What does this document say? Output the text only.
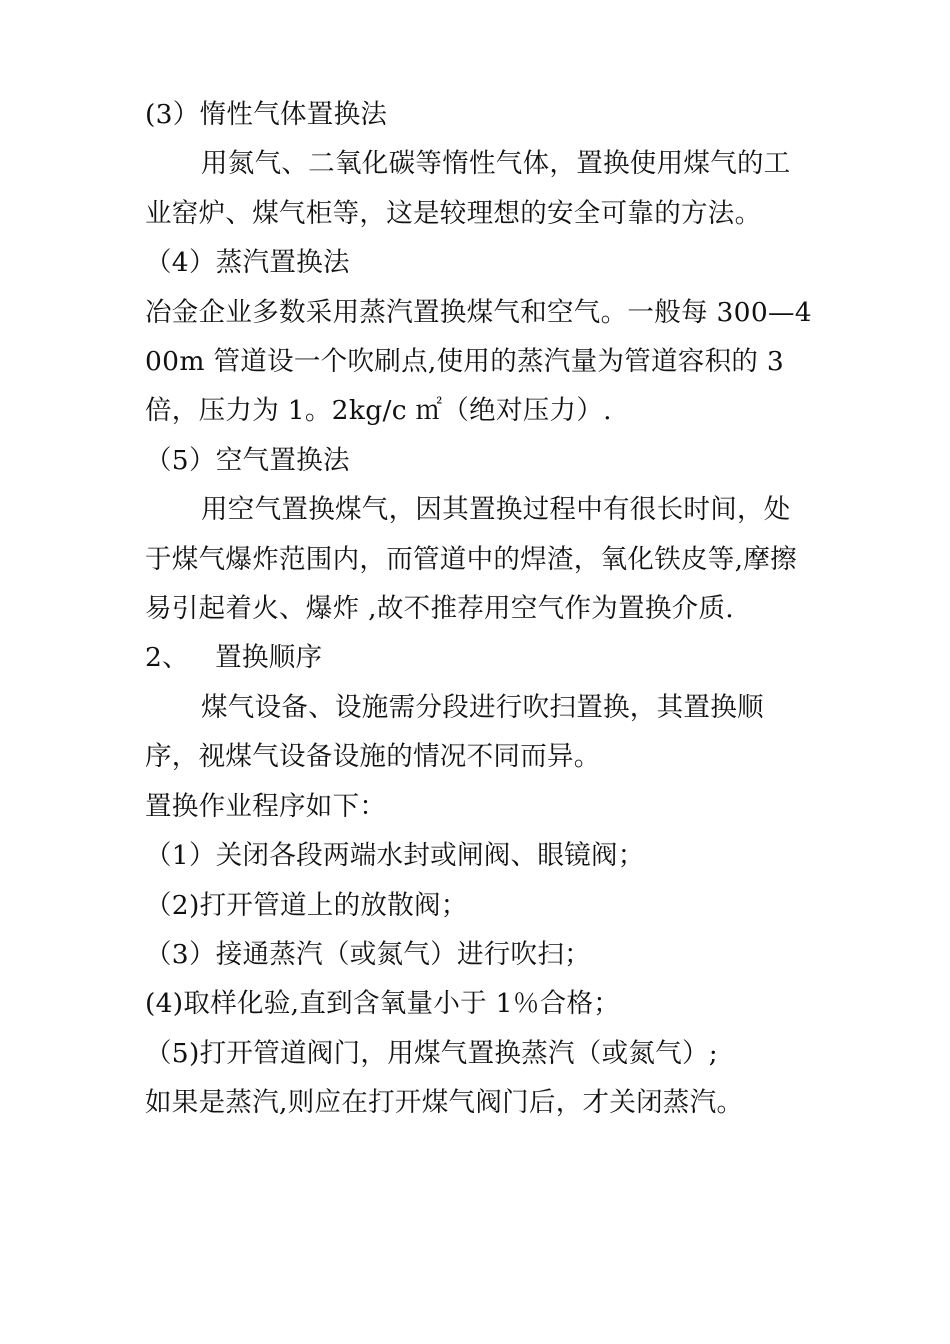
(3）惰性气体置换法

用氮气、二氧化碳等惰性气体，置换使用煤气的工业窑炉、煤气柜等，这是较理想的安全可靠的方法。

（4）蒸汽置换法

冶金企业多数采用蒸汽置换煤气和空气。一般每 300—400m 管道设一个吹刷点,使用的蒸汽量为管道容积的 3 倍，压力为 1。2kg/c ㎡（绝对压力）.

（5）空气置换法

用空气置换煤气，因其置换过程中有很长时间，处于煤气爆炸范围内，而管道中的焊渣，氧化铁皮等,摩擦易引起着火、爆炸 ,故不推荐用空气作为置换介质.

2、   置换顺序

煤气设备、设施需分段进行吹扫置换，其置换顺序，视煤气设备设施的情况不同而异。

置换作业程序如下：

（1）关闭各段两端水封或闸阀、眼镜阀；

（2)打开管道上的放散阀；

（3）接通蒸汽（或氮气）进行吹扫；

(4)取样化验,直到含氧量小于 1％合格；

（5)打开管道阀门，用煤气置换蒸汽（或氮气）;

如果是蒸汽,则应在打开煤气阀门后，才关闭蒸汽。
